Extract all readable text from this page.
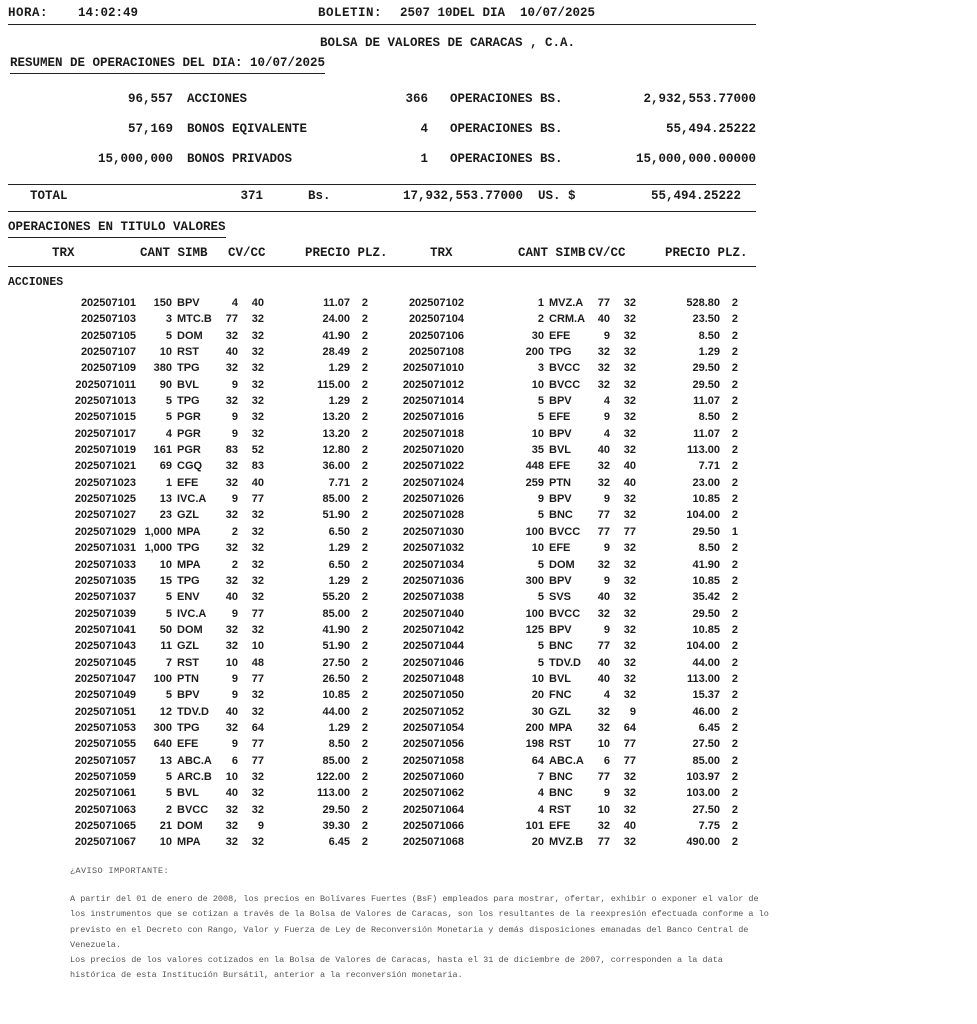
HORA: 14:02:49	BOLETIN: 2507 10DEL DIA  10/07/2025
BOLSA DE VALORES DE CARACAS , C.A.
RESUMEN DE OPERACIONES DEL DIA: 10/07/2025
96,557	ACCIONES	366	OPERACIONES BS.	2,932,553.77000
57,169	BONOS EQIVALENTE	4	OPERACIONES BS.	55,494.25222
15,000,000	BONOS PRIVADOS	1	OPERACIONES BS.	15,000,000.00000
TOTAL	371	Bs.	17,932,553.77000	US. $	55,494.25222
OPERACIONES EN TITULO VALORES
TRX	CANT SIMB CV/CC	PRECIO PLZ.	TRX	CANT SIMB CV/CC	PRECIO PLZ.
ACCIONES
202507101	150 BPV	4	40	11.07	2	202507102	1 MVZ.A	77	32	528.80	2
202507103	3 MTC.B	77	32	24.00	2	202507104	2 CRM.A	40	32	23.50	2
202507105	5 DOM	32	32	41.90	2	202507106	30 EFE	9	32	8.50	2
202507107	10 RST	40	32	28.49	2	202507108	200 TPG	32	32	1.29	2
202507109	380 TPG	32	32	1.29	2	2025071010	3 BVCC	32	32	29.50	2
2025071011	90 BVL	9	32	115.00	2	2025071012	10 BVCC	32	32	29.50	2
2025071013	5 TPG	32	32	1.29	2	2025071014	5 BPV	4	32	11.07	2
2025071015	5 PGR	9	32	13.20	2	2025071016	5 EFE	9	32	8.50	2
2025071017	4 PGR	9	32	13.20	2	2025071018	10 BPV	4	32	11.07	2
2025071019	161 PGR	83	52	12.80	2	2025071020	35 BVL	40	32	113.00	2
2025071021	69 CGQ	32	83	36.00	2	2025071022	448 EFE	32	40	7.71	2
2025071023	1 EFE	32	40	7.71	2	2025071024	259 PTN	32	40	23.00	2
2025071025	13 IVC.A	9	77	85.00	2	2025071026	9 BPV	9	32	10.85	2
2025071027	23 GZL	32	32	51.90	2	2025071028	5 BNC	77	32	104.00	2
2025071029 1,000 MPA	2	32	6.50	2	2025071030	100 BVCC	77	77	29.50	1
2025071031 1,000 TPG	32	32	1.29	2	2025071032	10 EFE	9	32	8.50	2
2025071033	10 MPA	2	32	6.50	2	2025071034	5 DOM	32	32	41.90	2
2025071035	15 TPG	32	32	1.29	2	2025071036	300 BPV	9	32	10.85	2
2025071037	5 ENV	40	32	55.20	2	2025071038	5 SVS	40	32	35.42	2
2025071039	5 IVC.A	9	77	85.00	2	2025071040	100 BVCC	32	32	29.50	2
2025071041	50 DOM	32	32	41.90	2	2025071042	125 BPV	9	32	10.85	2
2025071043	11 GZL	32	10	51.90	2	2025071044	5 BNC	77	32	104.00	2
2025071045	7 RST	10	48	27.50	2	2025071046	5 TDV.D	40	32	44.00	2
2025071047	100 PTN	9	77	26.50	2	2025071048	10 BVL	40	32	113.00	2
2025071049	5 BPV	9	32	10.85	2	2025071050	20 FNC	4	32	15.37	2
2025071051	12 TDV.D	40	32	44.00	2	2025071052	30 GZL	32	9	46.00	2
2025071053	300 TPG	32	64	1.29	2	2025071054	200 MPA	32	64	6.45	2
2025071055	640 EFE	9	77	8.50	2	2025071056	198 RST	10	77	27.50	2
2025071057	13 ABC.A	6	77	85.00	2	2025071058	64 ABC.A	6	77	85.00	2
2025071059	5 ARC.B	10	32	122.00	2	2025071060	7 BNC	77	32	103.97	2
2025071061	5 BVL	40	32	113.00	2	2025071062	4 BNC	9	32	103.00	2
2025071063	2 BVCC	32	32	29.50	2	2025071064	4 RST	10	32	27.50	2
2025071065	21 DOM	32	9	39.30	2	2025071066	101 EFE	32	40	7.75	2
2025071067	10 MPA	32	32	6.45	2	2025071068	20 MVZ.B	77	32	490.00	2
¿AVISO IMPORTANTE:
A partir del 01 de enero de 2008, los precios en Bolívares Fuertes (BsF) empleados para mostrar, ofertar, exhibir o exponer el valor de
los instrumentos que se cotizan a través de la Bolsa de Valores de Caracas, son los resultantes de la reexpresión efectuada conforme a lo
previsto en el Decreto con Rango, Valor y Fuerza de Ley de Reconversión Monetaria y demás disposiciones emanadas del Banco Central de
Venezuela.
Los precios de los valores cotizados en la Bolsa de Valores de Caracas, hasta el 31 de diciembre de 2007, corresponden a la data
histórica de esta Institución Bursátil, anterior a la reconversión monetaria.
